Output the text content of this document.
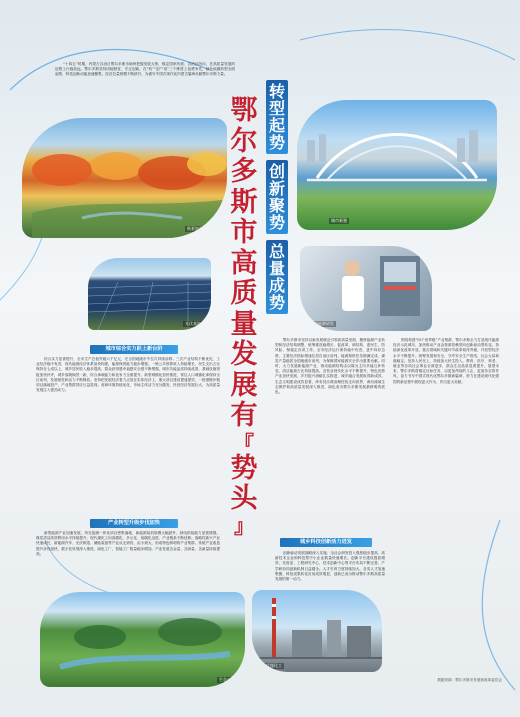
“十四五”时期，内蒙古自治区鄂尔多斯市始终把握发展大势，锚定国家所需、自治区所向，在高质量发展的征程上行稳致远。鄂尔多斯坚持因地制宜、守正创新，在“转”“创”“成”三个维度上奋勇争先，绿色低碳转型全面起势，科技创新动能加速聚集，经济总量规模不断跃升，为谱写中国式现代化内蒙古篇章贡献鄂尔多斯力量。
秋景如画
光伏基地
城市综合实力跃上新台阶
综合实力显著提升，全市生产总值突破六千亿元，在全国地级市中位次持续前移。三次产业结构不断优化，工业经济稳中有进，现代能源经济体系加快构建，能源保供能力稳步增强。一般公共预算收入持续增长，民生支出占比保持在七成以上，城乡居民收入稳步提高，群众获得感幸福感安全感不断增强。城市功能品质持续改善，基础设施短板加快补齐，城乡面貌焕然一新，综合承载能力和竞争力全面提升。新型城镇化加快推进，常住人口城镇化率保持全区前列，发展韧性和活力不断释放。坚持把发展经济着力点放在实体经济上，重大项目建设提速提效，一批强链补链项目落地投产，产业集群效应日益显现。营商环境持续优化，市场主体活力充分激发，民营经济发展壮大，为高质量发展注入强劲动力。
产业转型升级步伐加快
新型能源产业加速发展，风光氢储一体化项目密集落地，新能源装机规模大幅跃升，绿电供给能力显著增强。煤炭清洁高效利用水平持续提升，现代煤化工向高端化、多元化、低碳化迈进，产业链条不断延伸。战略性新兴产业快速成长，新能源汽车、光伏制造、储能装备等产业从无到有、由小到大，形成特色鲜明的产业集群。传统产业改造提升步伐加快，数字化转型深入推进，绿色工厂、智能工厂数量稳步增加，产业发展含金量、含绿量、含新量持续提高。
生态公园
鄂
尔
多
斯
市
高
质
量
发
展
有
『
势
头
』
转
型
起
势
创
新
聚
势
总
量
成
势
城市新貌
新能源研发
鄂尔多斯市坚持以新发展理念引领高质量发展，聚焦能源产业转型和经济结构调整，统筹推进稳增长、促改革、调结构、惠民生、防风险、保稳定各项工作。全市经济运行保持稳中有进、进中向好态势，主要经济指标增速位居自治区前列。能源保供任务圆满完成，煤炭产量稳居全国地级市前列，为保障国家能源安全作出重要贡献。同时，大力发展新能源产业，推动能源结构由以煤为主向多能互补转变，清洁能源占比持续提高。农牧业现代化水平不断提升，特色优势产业加快发展，乡村振兴战略扎实推进，城乡融合发展取得新成效。生态文明建设成效显著，库布其沙漠治理经验走向世界，黄河流域生态保护和高质量发展深入推进，绿色成为鄂尔多斯发展最鲜明的底色。
城乡科技创新活力迸发
创新驱动发展战略深入实施，全社会研发投入强度稳步提高，高新技术企业和科技型中小企业数量快速增长。创新平台建设提质增效，实验室、工程研究中心、技术创新中心等平台布局不断完善，产学研协同创新机制日益健全。人才引育力度持续加大，各类人才加速集聚，科技成果转化应用成效明显，创新已成为推动鄂尔多斯高质量发展的第一动力。
围绕构建“四个世界级”产业集群，鄂尔多斯全力打造现代能源经济示范城市，加快推动产业由资源依赖型向创新驱动型转变。持续深化改革开放，重点领域和关键环节改革取得突破，开放型经济水平不断提升。统筹发展和安全，守牢安全生产底线，社会大局和谐稳定。坚持人民至上，持续加大民生投入，教育、医疗、养老、就业等各项社会事业全面进步，群众生活品质显著提升。展望未来，鄂尔多斯将锚定目标任务，以更加昂扬的斗志、更加务实的作风，奋力书写中国式现代化鄂尔多斯新篇章，努力在建设现代化强国的新征程中展现更大作为、作出更大贡献。
现代煤化工
数据来源：鄂尔多斯市发展和改革委员会
